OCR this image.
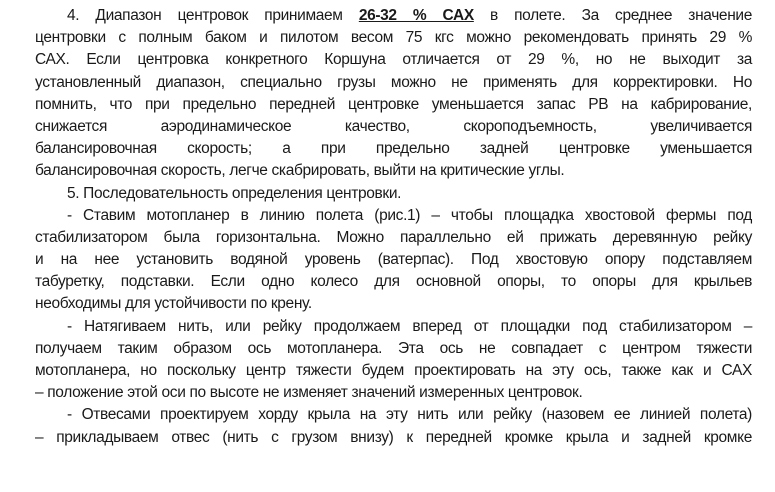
4. Диапазон центровок принимаем 26-32 % САХ в полете. За среднее значение
центровки с полным баком и пилотом весом 75 кгс можно рекомендовать принять 29 %
САХ. Если центровка конкретного Коршуна отличается от 29 %, но не выходит за
установленный диапазон, специально грузы можно не применять для корректировки. Но
помнить, что при предельно передней центровке уменьшается запас РВ на кабрирование,
снижается аэродинамическое качество, скороподъемность, увеличивается
балансировочная скорость; а при предельно задней центровке уменьшается
балансировочная скорость, легче скабрировать, выйти на критические углы.
5. Последовательность определения центровки.
- Ставим мотопланер в линию полета (рис.1) – чтобы площадка хвостовой фермы под
стабилизатором была горизонтальна. Можно параллельно ей прижать деревянную рейку
и на нее установить водяной уровень (ватерпас). Под хвостовую опору подставляем
табуретку, подставки. Если одно колесо для основной опоры, то опоры для крыльев
необходимы для устойчивости по крену.
- Натягиваем нить, или рейку продолжаем вперед от площадки под стабилизатором –
получаем таким образом ось мотопланера. Эта ось не совпадает с центром тяжести
мотопланера, но поскольку центр тяжести будем проектировать на эту ось, также как и САХ
– положение этой оси по высоте не изменяет значений измеренных центровок.
- Отвесами проектируем хорду крыла на эту нить или рейку (назовем ее линией полета)
– прикладываем отвес (нить с грузом внизу) к передней кромке крыла и задней кромке
